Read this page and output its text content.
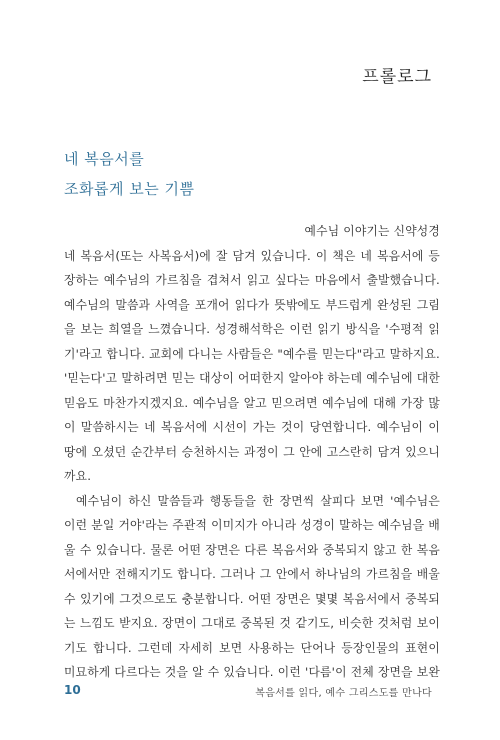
프롤로그
네 복음서를
조화롭게 보는 기쁨
예수님 이야기는 신약성경
네 복음서(또는 사복음서)에 잘 담겨 있습니다. 이 책은 네 복음서에 등
장하는 예수님의 가르침을 겹쳐서 읽고 싶다는 마음에서 출발했습니다.
예수님의 말씀과 사역을 포개어 읽다가 뜻밖에도 부드럽게 완성된 그림
을 보는 희열을 느꼈습니다. 성경해석학은 이런 읽기 방식을 '수평적 읽
기'라고 합니다. 교회에 다니는 사람들은 "예수를 믿는다"라고 말하지요.
'믿는다'고 말하려면 믿는 대상이 어떠한지 알아야 하는데 예수님에 대한
믿음도 마찬가지겠지요. 예수님을 알고 믿으려면 예수님에 대해 가장 많
이 말씀하시는 네 복음서에 시선이 가는 것이 당연합니다. 예수님이 이
땅에 오셨던 순간부터 승천하시는 과정이 그 안에 고스란히 담겨 있으니
까요.
예수님이 하신 말씀들과 행동들을 한 장면씩 살피다 보면 '예수님은
이런 분일 거야'라는 주관적 이미지가 아니라 성경이 말하는 예수님을 배
울 수 있습니다. 물론 어떤 장면은 다른 복음서와 중복되지 않고 한 복음
서에서만 전해지기도 합니다. 그러나 그 안에서 하나님의 가르침을 배울
수 있기에 그것으로도 충분합니다. 어떤 장면은 몇몇 복음서에서 중복되
는 느낌도 받지요. 장면이 그대로 중복된 것 같기도, 비슷한 것처럼 보이
기도 합니다. 그런데 자세히 보면 사용하는 단어나 등장인물의 표현이
미묘하게 다르다는 것을 알 수 있습니다. 이런 '다름'이 전체 장면을 보완
10	복음서를 읽다, 예수 그리스도를 만나다
